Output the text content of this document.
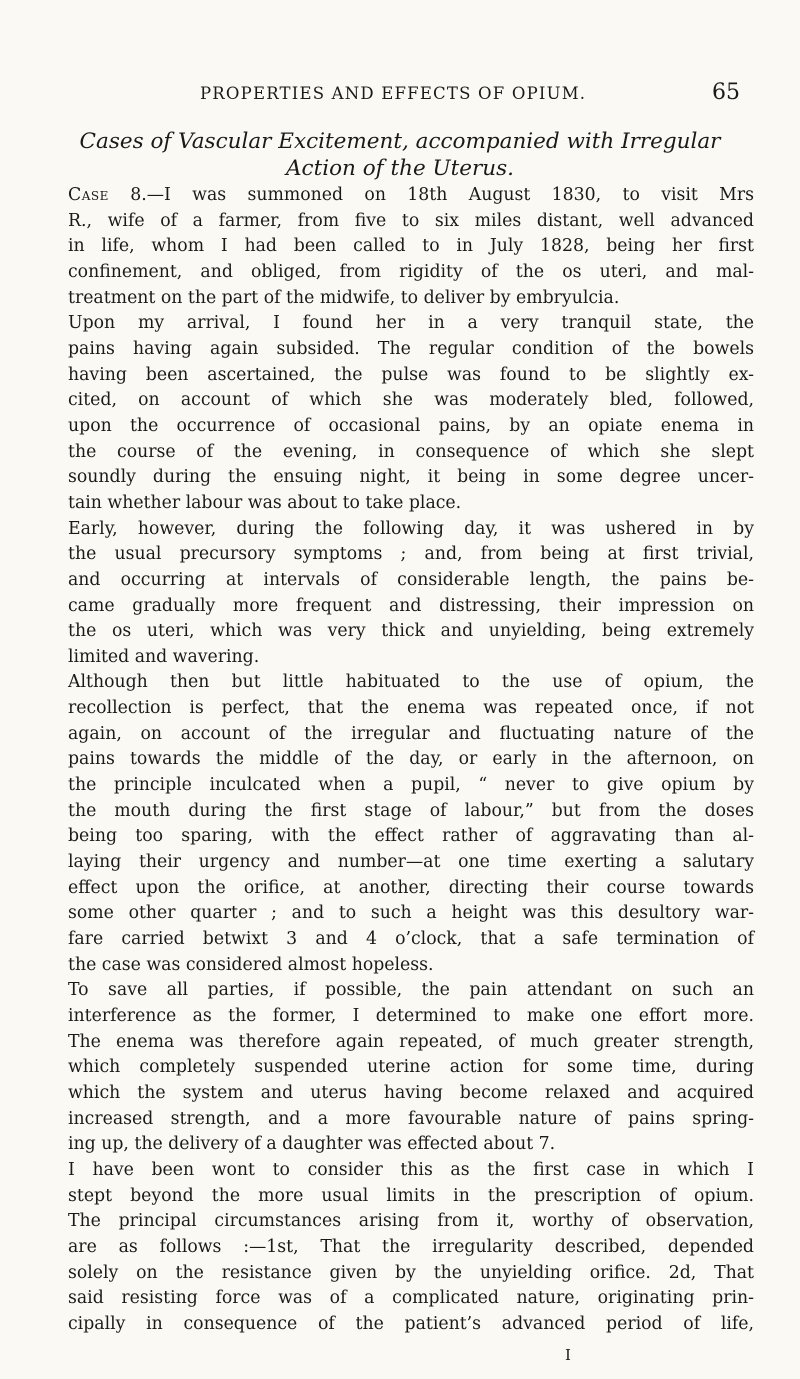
PROPERTIES AND EFFECTS OF OPIUM.	65
Cases of Vascular Excitement, accompanied with Irregular
Action of the Uterus.

Case 8.—I was summoned on 18th August 1830, to visit Mrs
R., wife of a farmer, from five to six miles distant, well advanced
in life, whom I had been called to in July 1828, being her first
confinement, and obliged, from rigidity of the os uteri, and mal-
treatment on the part of the midwife, to deliver by embryulcia.

Upon my arrival, I found her in a very tranquil state, the
pains having again subsided. The regular condition of the bowels
having been ascertained, the pulse was found to be slightly ex-
cited, on account of which she was moderately bled, followed,
upon the occurrence of occasional pains, by an opiate enema in
the course of the evening, in consequence of which she slept
soundly during the ensuing night, it being in some degree uncer-
tain whether labour was about to take place.

Early, however, during the following day, it was ushered in by
the usual precursory symptoms ; and, from being at first trivial,
and occurring at intervals of considerable length, the pains be-
came gradually more frequent and distressing, their impression on
the os uteri, which was very thick and unyielding, being extremely
limited and wavering.

Although then but little habituated to the use of opium, the
recollection is perfect, that the enema was repeated once, if not
again, on account of the irregular and fluctuating nature of the
pains towards the middle of the day, or early in the afternoon, on
the principle inculcated when a pupil, “ never to give opium by
the mouth during the first stage of labour,” but from the doses
being too sparing, with the effect rather of aggravating than al-
laying their urgency and number—at one time exerting a salutary
effect upon the orifice, at another, directing their course towards
some other quarter ; and to such a height was this desultory war-
fare carried betwixt 3 and 4 o’clock, that a safe termination of
the case was considered almost hopeless.

To save all parties, if possible, the pain attendant on such an
interference as the former, I determined to make one effort more.
The enema was therefore again repeated, of much greater strength,
which completely suspended uterine action for some time, during
which the system and uterus having become relaxed and acquired
increased strength, and a more favourable nature of pains spring-
ing up, the delivery of a daughter was effected about 7.

I have been wont to consider this as the first case in which I
stept beyond the more usual limits in the prescription of opium.
The principal circumstances arising from it, worthy of observation,
are as follows :—1st, That the irregularity described, depended
solely on the resistance given by the unyielding orifice. 2d, That
said resisting force was of a complicated nature, originating prin-
cipally in consequence of the patient’s advanced period of life,

I
